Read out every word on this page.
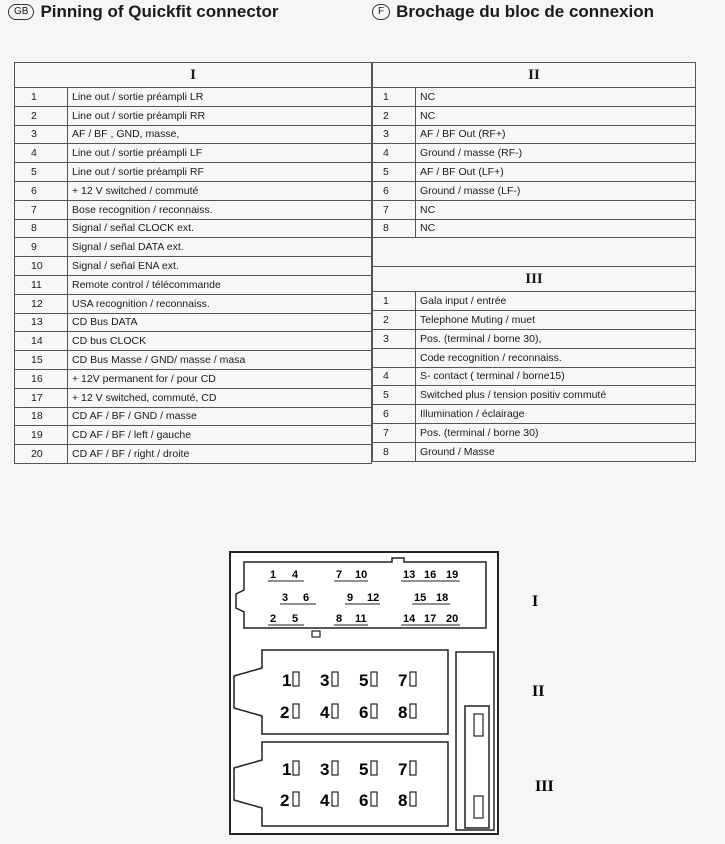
GB Pinning of Quickfit connector	F Brochage du bloc de connexion
I	
1	Line out / sortie préampli LR
2	Line out / sortie préampli RR
3	AF / BF , GND, masse,
4	Line out / sortie préampli LF
5	Line out / sortie préampli RF
6	+ 12 V switched / commuté
7	Bose recognition / reconnaiss.
8	Signal / señal CLOCK ext.
9	Signal / señal DATA ext.
10	Signal / señal ENA ext.
11	Remote control / télécommande
12	USA recognition / reconnaiss.
13	CD Bus DATA
14	CD bus CLOCK
15	CD Bus Masse / GND/ masse / masa
16	+ 12V permanent for / pour CD
17	+ 12 V switched, commuté, CD
18	CD AF / BF / GND / masse
19	CD AF / BF / left / gauche
20	CD AF / BF / right / droite
II	
1	NC
2	NC
3	AF / BF Out (RF+)
4	Ground / masse (RF-)
5	AF / BF Out (LF+)
6	Ground / masse (LF-)
7	NC
8	NC

III	
1	Gala input / entrée
2	Telephone Muting / muet
3	Pos. (terminal / borne 30),
	Code recognition / reconnaiss.
4	S- contact ( terminal / borne15)
5	Switched plus / tension positiv commuté
6	Illumination / éclairage
7	Pos. (terminal / borne 30)
8	Ground / Masse
1 4	7 10	13 16 19
3 6	9 12	15 18
2 5	8 11	14 17 20
1 3 5 7
2 4 6 8
1 3 5 7
2 4 6 8
I
II
III
